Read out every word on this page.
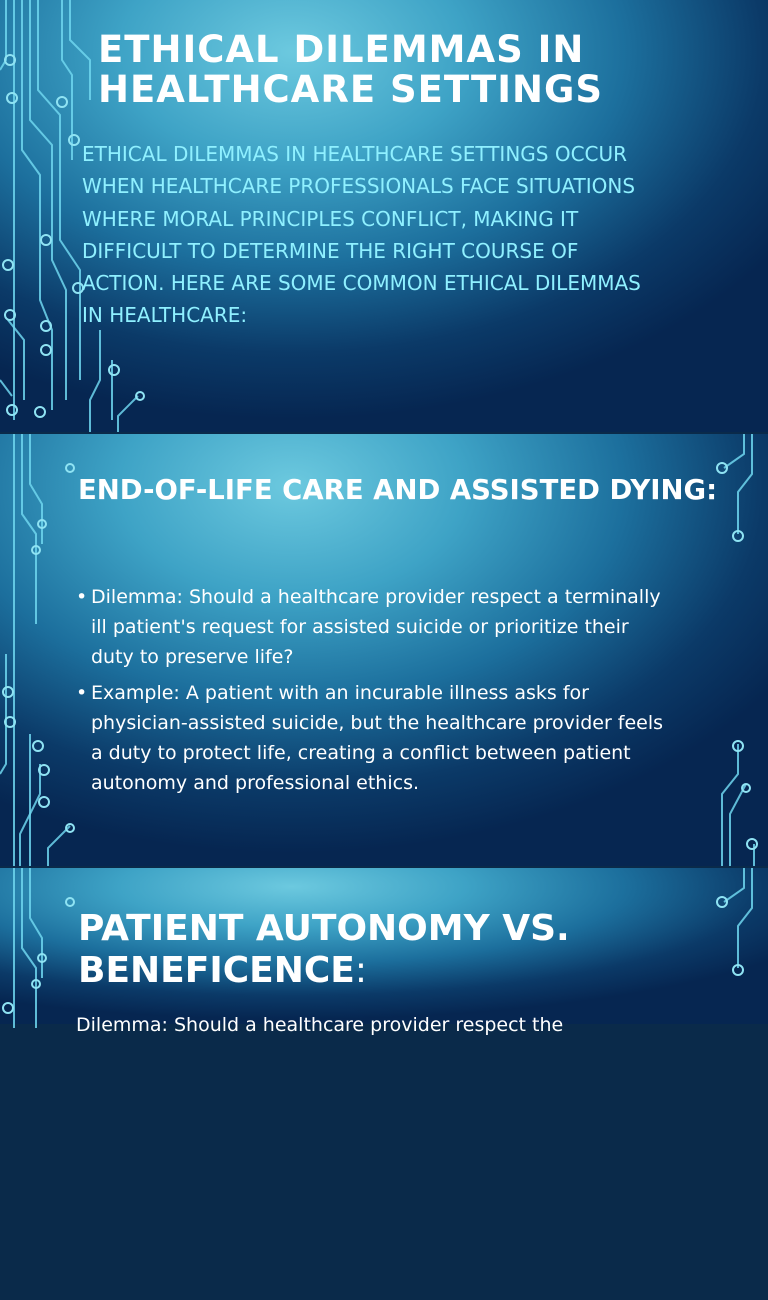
ETHICAL DILEMMAS IN HEALTHCARE SETTINGS

ETHICAL DILEMMAS IN HEALTHCARE SETTINGS OCCUR WHEN HEALTHCARE PROFESSIONALS FACE SITUATIONS WHERE MORAL PRINCIPLES CONFLICT, MAKING IT DIFFICULT TO DETERMINE THE RIGHT COURSE OF ACTION. HERE ARE SOME COMMON ETHICAL DILEMMAS IN HEALTHCARE:

END-OF-LIFE CARE AND ASSISTED DYING:
• Dilemma: Should a healthcare provider respect a terminally ill patient's request for assisted suicide or prioritize their duty to preserve life?
• Example: A patient with an incurable illness asks for physician-assisted suicide, but the healthcare provider feels a duty to protect life, creating a conflict between patient autonomy and professional ethics.
PATIENT AUTONOMY VS. BENEFICENCE:
Dilemma: Should a healthcare provider respect the
